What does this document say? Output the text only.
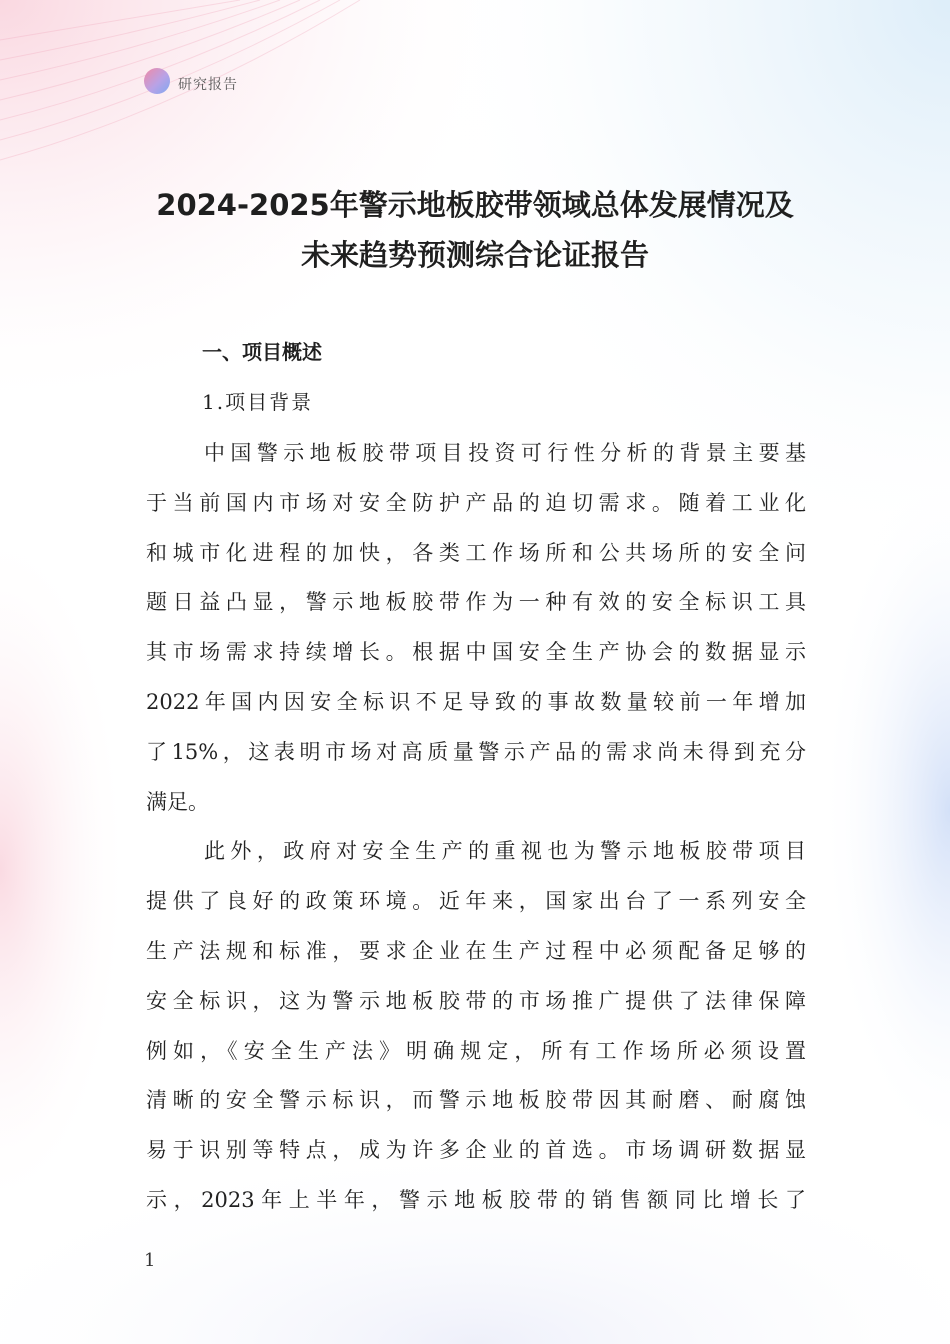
研究报告
2024-2025年警示地板胶带领域总体发展情况及
未来趋势预测综合论证报告
一、项目概述
1.项目背景
中国警示地板胶带项目投资可行性分析的背景主要基
于当前国内市场对安全防护产品的迫切需求。随着工业化
和城市化进程的加快，各类工作场所和公共场所的安全问
题日益凸显，警示地板胶带作为一种有效的安全标识工具
其市场需求持续增长。根据中国安全生产协会的数据显示
2022年国内因安全标识不足导致的事故数量较前一年增加
了15%，这表明市场对高质量警示产品的需求尚未得到充分
满足。
此外，政府对安全生产的重视也为警示地板胶带项目
提供了良好的政策环境。近年来，国家出台了一系列安全
生产法规和标准，要求企业在生产过程中必须配备足够的
安全标识，这为警示地板胶带的市场推广提供了法律保障
例如，《安全生产法》明确规定，所有工作场所必须设置
清晰的安全警示标识，而警示地板胶带因其耐磨、耐腐蚀
易于识别等特点，成为许多企业的首选。市场调研数据显
示，2023年上半年，警示地板胶带的销售额同比增长了
1
